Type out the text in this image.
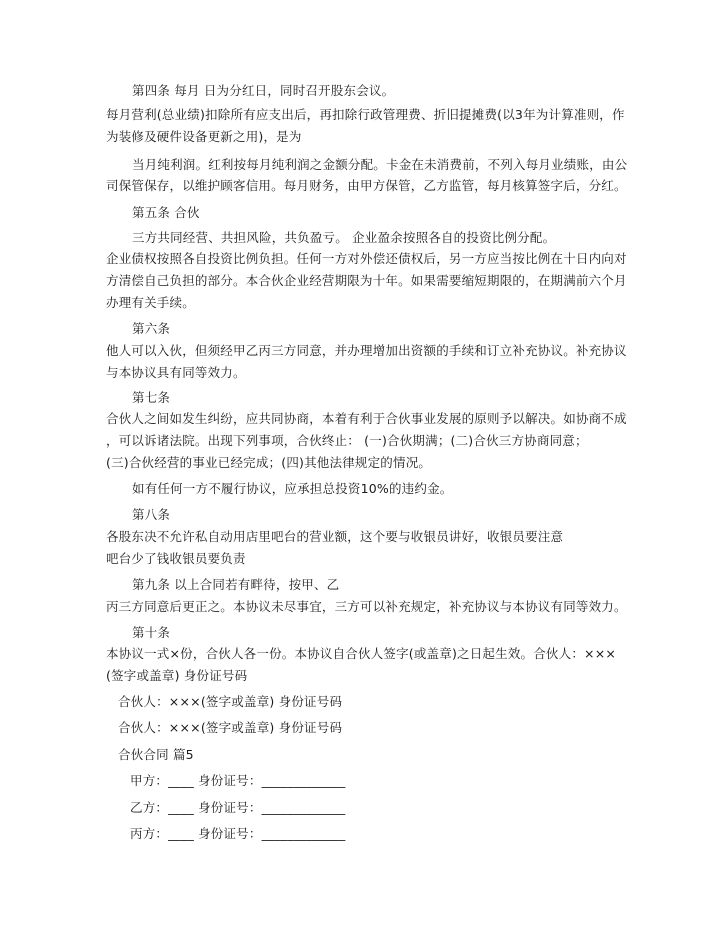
第四条 每月 日为分红日，同时召开股东会议。

每月营利(总业绩)扣除所有应支出后，再扣除行政管理费、折旧提摊费(以3年为计算准则，作

为装修及硬件设备更新之用)，是为

当月纯利润。红利按每月纯利润之金额分配。卡金在未消费前，不列入每月业绩账，由公

司保管保存，以维护顾客信用。每月财务，由甲方保管，乙方监管，每月核算签字后，分红。

第五条 合伙

三方共同经营、共担风险，共负盈亏。 企业盈余按照各自的投资比例分配。

企业债权按照各自投资比例负担。任何一方对外偿还债权后，另一方应当按比例在十日内向对

方清偿自己负担的部分。本合伙企业经营期限为十年。如果需要缩短期限的，在期满前六个月

办理有关手续。

第六条

他人可以入伙，但须经甲乙丙三方同意，并办理增加出资额的手续和订立补充协议。补充协议

与本协议具有同等效力。

第七条

合伙人之间如发生纠纷，应共同协商，本着有利于合伙事业发展的原则予以解决。如协商不成

，可以诉诸法院。出现下列事项，合伙终止： (一)合伙期满；(二)合伙三方协商同意；

(三)合伙经营的事业已经完成；(四)其他法律规定的情况。

如有任何一方不履行协议，应承担总投资10%的违约金。

第八条

各股东决不允许私自动用店里吧台的营业额，这个要与收银员讲好，收银员要注意

吧台少了钱收银员要负责

第九条 以上合同若有畔待，按甲、乙

丙三方同意后更正之。本协议未尽事宜，三方可以补充规定，补充协议与本协议有同等效力。

第十条

本协议一式×份，合伙人各一份。本协议自合伙人签字(或盖章)之日起生效。合伙人：×××

(签字或盖章) 身份证号码

合伙人：×××(签字或盖章) 身份证号码

合伙人：×××(签字或盖章) 身份证号码

合伙合同 篇5

甲方：____ 身份证号：_____________

乙方：____ 身份证号：_____________

丙方：____ 身份证号：_____________
